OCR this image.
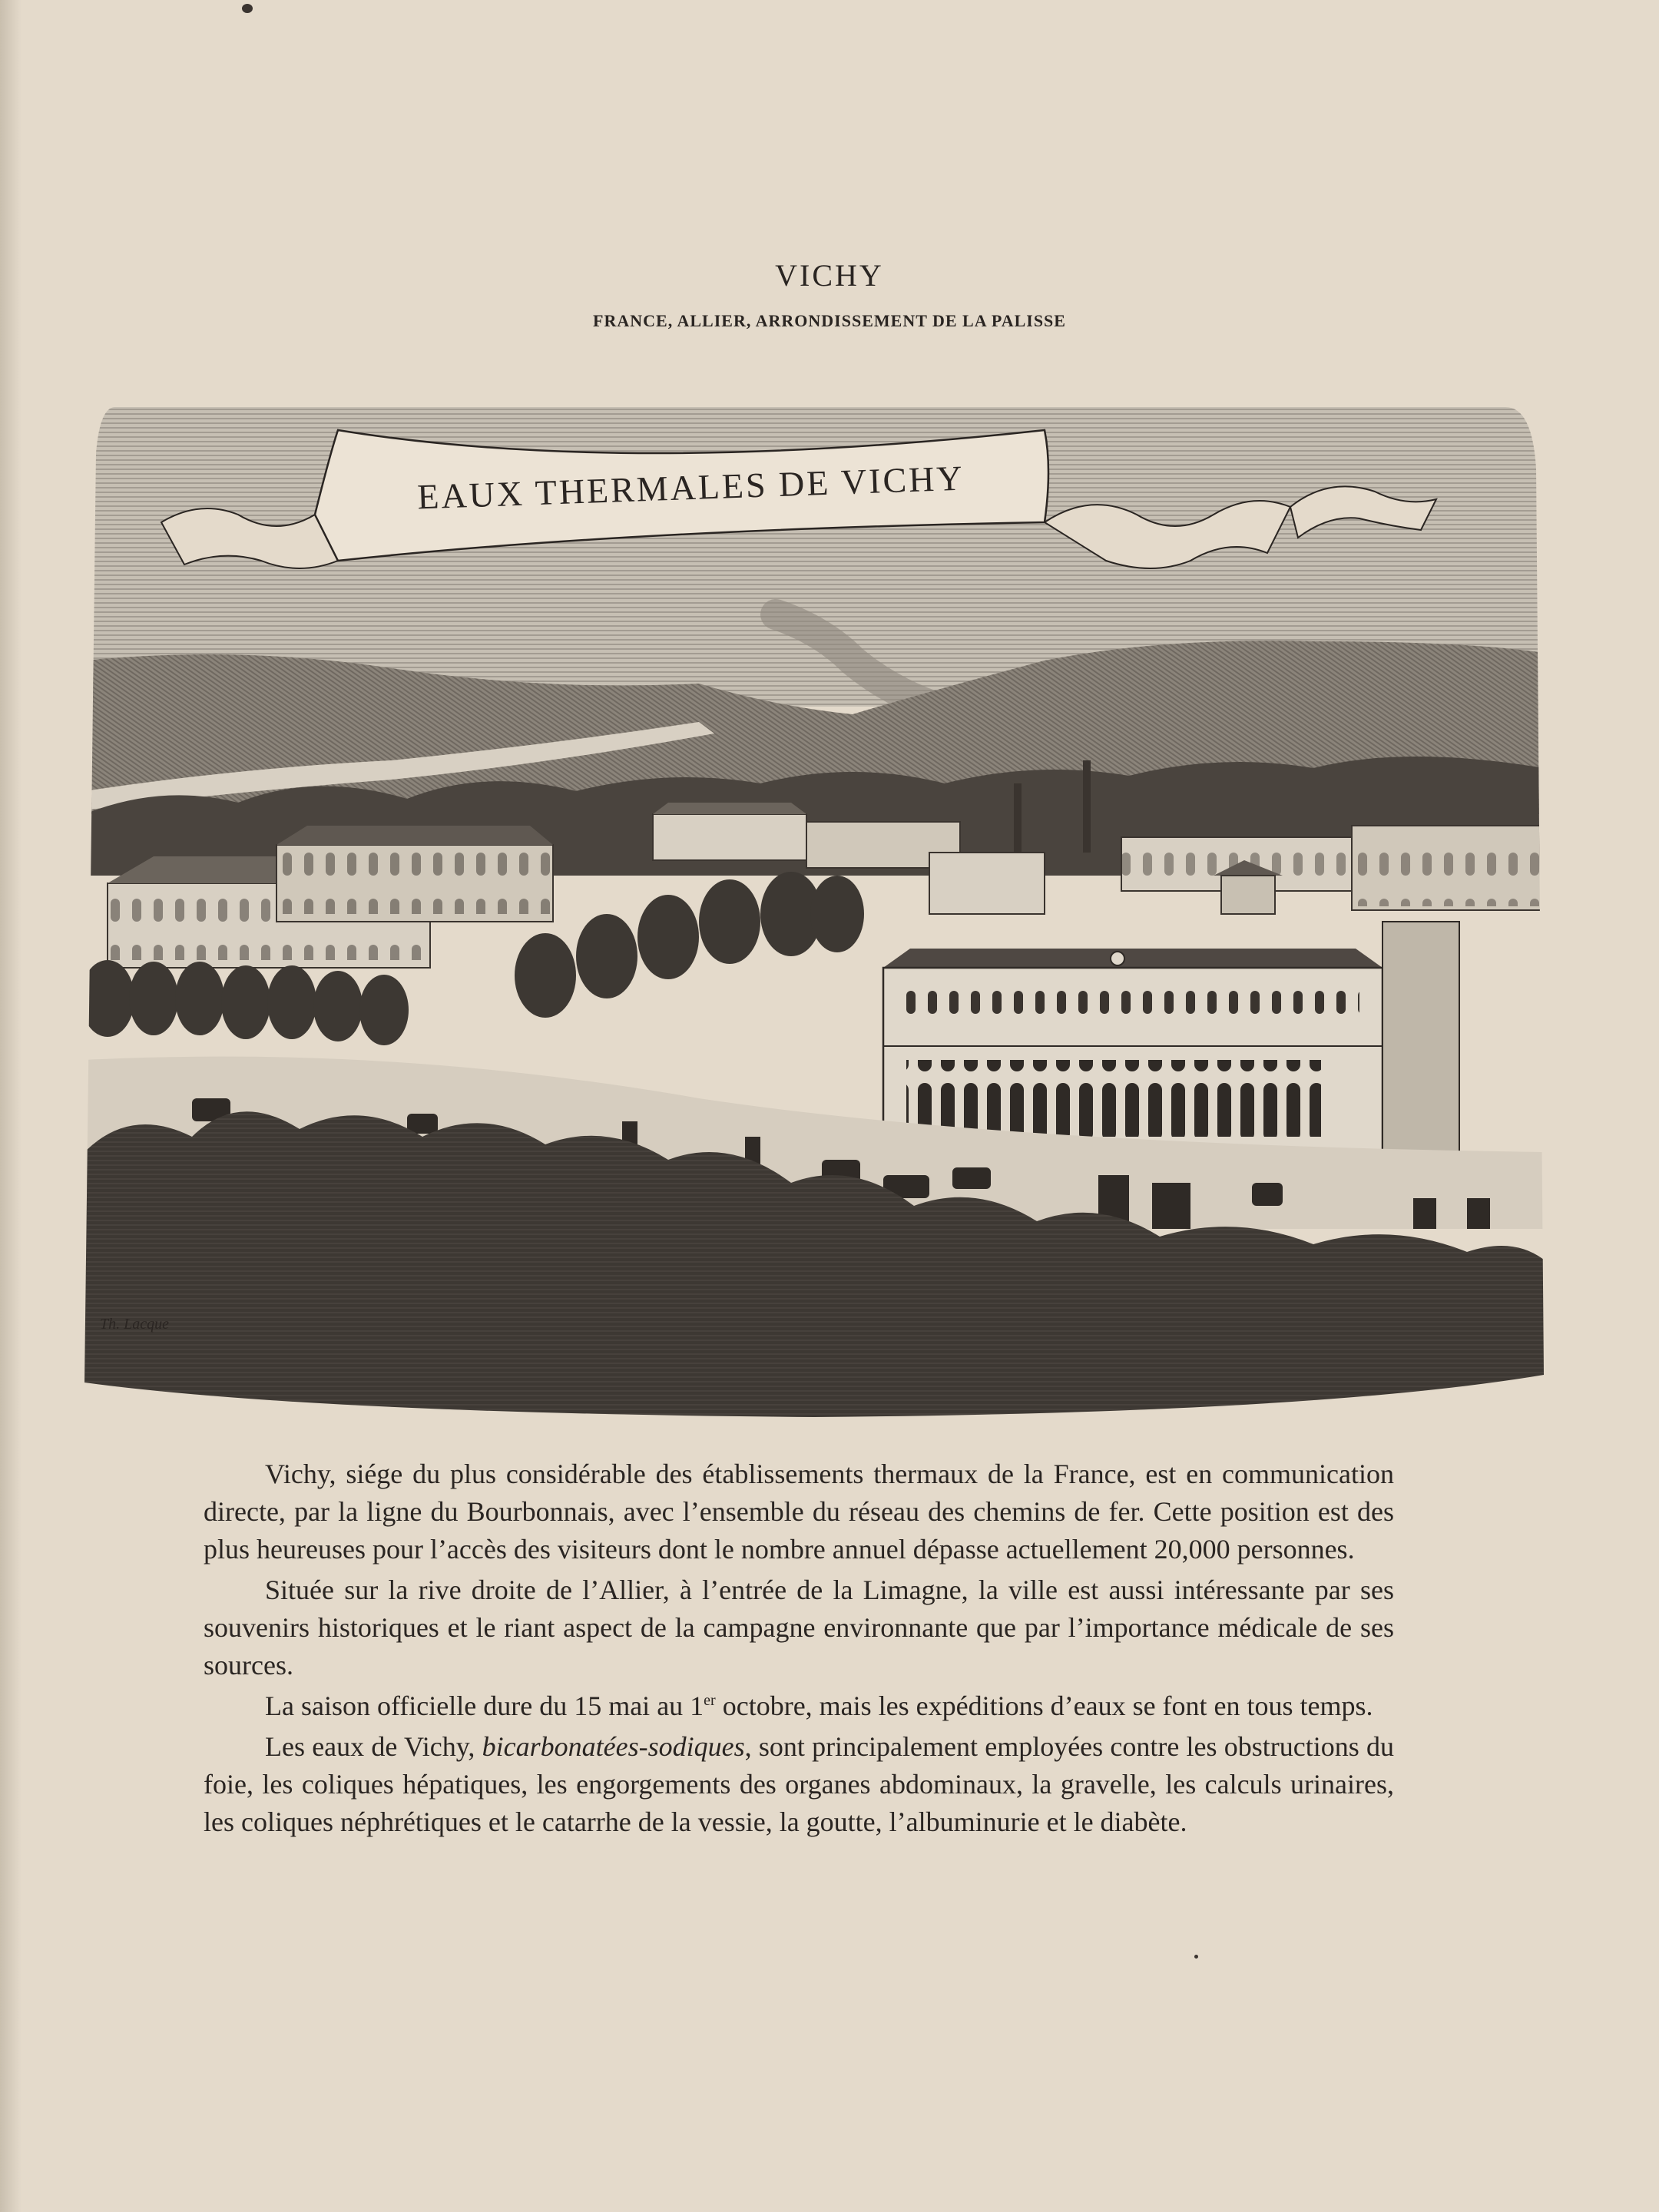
VICHY
FRANCE, ALLIER, ARRONDISSEMENT DE LA PALISSE
EAUX THERMALES DE VICHY
Th. Lacque

Vichy, siége du plus considérable des établissements thermaux de la France, est en communication directe, par la ligne du Bourbonnais, avec l’ensemble du réseau des chemins de fer. Cette position est des plus heureuses pour l’accès des visiteurs dont le nombre annuel dépasse actuellement 20,000 personnes.

Située sur la rive droite de l’Allier, à l’entrée de la Limagne, la ville est aussi intéressante par ses souvenirs historiques et le riant aspect de la campagne environnante que par l’importance médicale de ses sources.

La saison officielle dure du 15 mai au 1er octobre, mais les expéditions d’eaux se font en tous temps.

Les eaux de Vichy, bicarbonatées-sodiques, sont principalement employées contre les obstructions du foie, les coliques hépatiques, les engorgements des organes abdominaux, la gravelle, les calculs urinaires, les coliques néphrétiques et le catarrhe de la vessie, la goutte, l’albuminurie et le diabète.
